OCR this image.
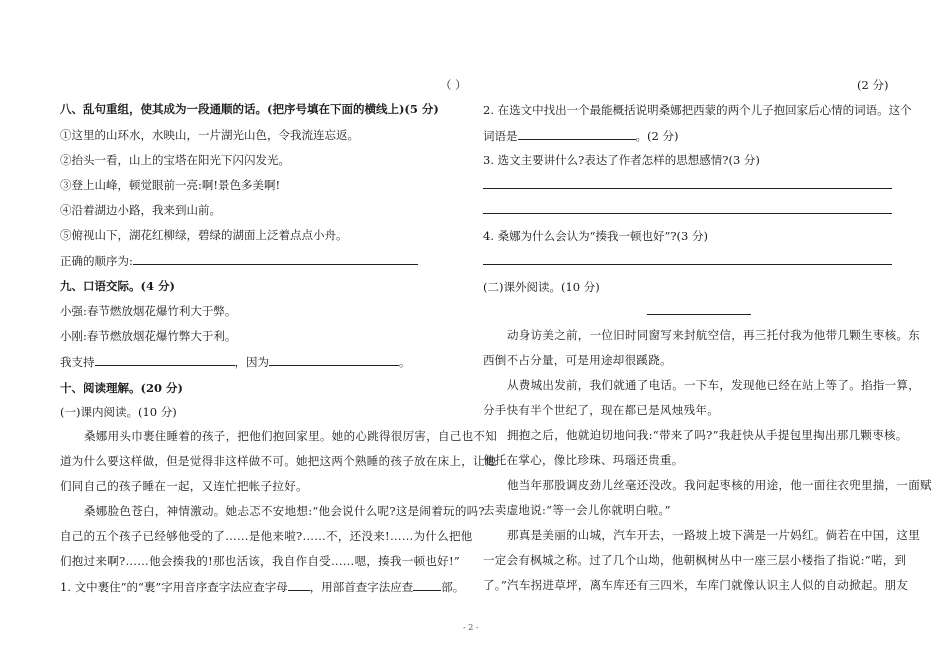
（ ）
八、乱句重组，使其成为一段通顺的话。(把序号填在下面的横线上)(5 分)
①这里的山环水，水映山，一片湖光山色，令我流连忘返。
②抬头一看，山上的宝塔在阳光下闪闪发光。
③登上山峰，顿觉眼前一亮:啊!景色多美啊!
④沿着湖边小路，我来到山前。
⑤俯视山下，湖花红柳绿，碧绿的湖面上泛着点点小舟。
正确的顺序为:
九、口语交际。(4 分)
小强:春节燃放烟花爆竹利大于弊。
小刚:春节燃放烟花爆竹弊大于利。
我支持	，因为	。
十、阅读理解。(20 分)
(一)课内阅读。(10 分)
桑娜用头巾裹住睡着的孩子，把他们抱回家里。她的心跳得很厉害，自己也不知
道为什么要这样做，但是觉得非这样做不可。她把这两个熟睡的孩子放在床上，让他
们同自己的孩子睡在一起，又连忙把帐子拉好。
桑娜脸色苍白，神情激动。她忐忑不安地想:“他会说什么呢?这是闹着玩的吗?
自己的五个孩子已经够他受的了……是他来啦?……不，还没来!……为什么把他
们抱过来啊?……他会揍我的!那也活该，我自作自受……嗯，揍我一顿也好!”
1. 文中裹住”的“裹”字用音序查字法应查字母 ，用部首查字法应查 部。
(2 分)
2. 在选文中找出一个最能概括说明桑娜把西蒙的两个儿子抱回家后心情的词语。这个
词语是	。(2 分)
3. 选文主要讲什么?表达了作者怎样的思想感情?(3 分)
4. 桑娜为什么会认为“揍我一顿也好”?(3 分)
(二)课外阅读。(10 分)
动身访美之前，一位旧时同窗写来封航空信，再三托付我为他带几颗生枣核。东
西倒不占分量，可是用途却很蹊跷。
从费城出发前，我们就通了电话。一下车，发现他已经在站上等了。掐指一算，
分手快有半个世纪了，现在都已是风烛残年。
拥抱之后，他就迫切地问我:“带来了吗?”我赶快从手提包里掏出那几颗枣核。
他托在掌心，像比珍珠、玛瑙还贵重。
他当年那股调皮劲儿丝毫还没改。我问起枣核的用途，他一面往衣兜里揣，一面赋
去卖虚地说:“等一会儿你就明白啦。”
那真是美丽的山城，汽车开去，一路坡上坡下满是一片妈红。倘若在中国，这里
一定会有枫城之称。过了几个山坳，他朝枫树丛中一座三层小楼指了指说:“喏，到
了。”汽车拐进草坪，离车库还有三四米，车库门就像认识主人似的自动掀起。朋友
- 2 -
